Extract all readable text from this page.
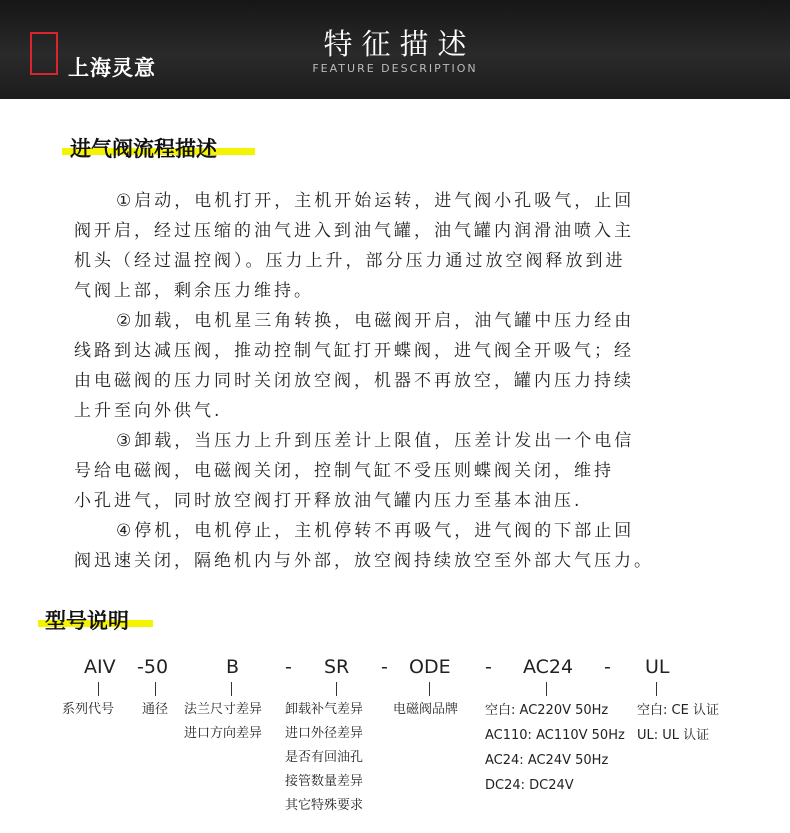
上海灵意
特征描述
FEATURE DESCRIPTION
进气阀流程描述

①启动，电机打开，主机开始运转，进气阀小孔吸气，止回
阀开启，经过压缩的油气进入到油气罐，油气罐内润滑油喷入主
机头（经过温控阀）。压力上升，部分压力通过放空阀释放到进
气阀上部，剩余压力维持。

②加载，电机星三角转换，电磁阀开启，油气罐中压力经由
线路到达减压阀，推动控制气缸打开蝶阀，进气阀全开吸气；经
由电磁阀的压力同时关闭放空阀，机器不再放空，罐内压力持续
上升至向外供气.

③卸载，当压力上升到压差计上限值，压差计发出一个电信
号给电磁阀，电磁阀关闭，控制气缸不受压则蝶阀关闭，维持
小孔进气，同时放空阀打开释放油气罐内压力至基本油压.

④停机，电机停止，主机停转不再吸气，进气阀的下部止回
阀迅速关闭，隔绝机内与外部，放空阀持续放空至外部大气压力。

型号说明
AIV -50	B - SR - ODE - AC24 - UL
系列代号 通径 法兰尺寸差异
进口方向差异
卸载补气差异
进口外径差异
是否有回油孔
接管数量差异
其它特殊要求
电磁阀品牌 空白: AC220V 50Hz
AC110: AC110V 50Hz
AC24: AC24V 50Hz
DC24: DC24V
空白: CE 认证
UL: UL 认证
